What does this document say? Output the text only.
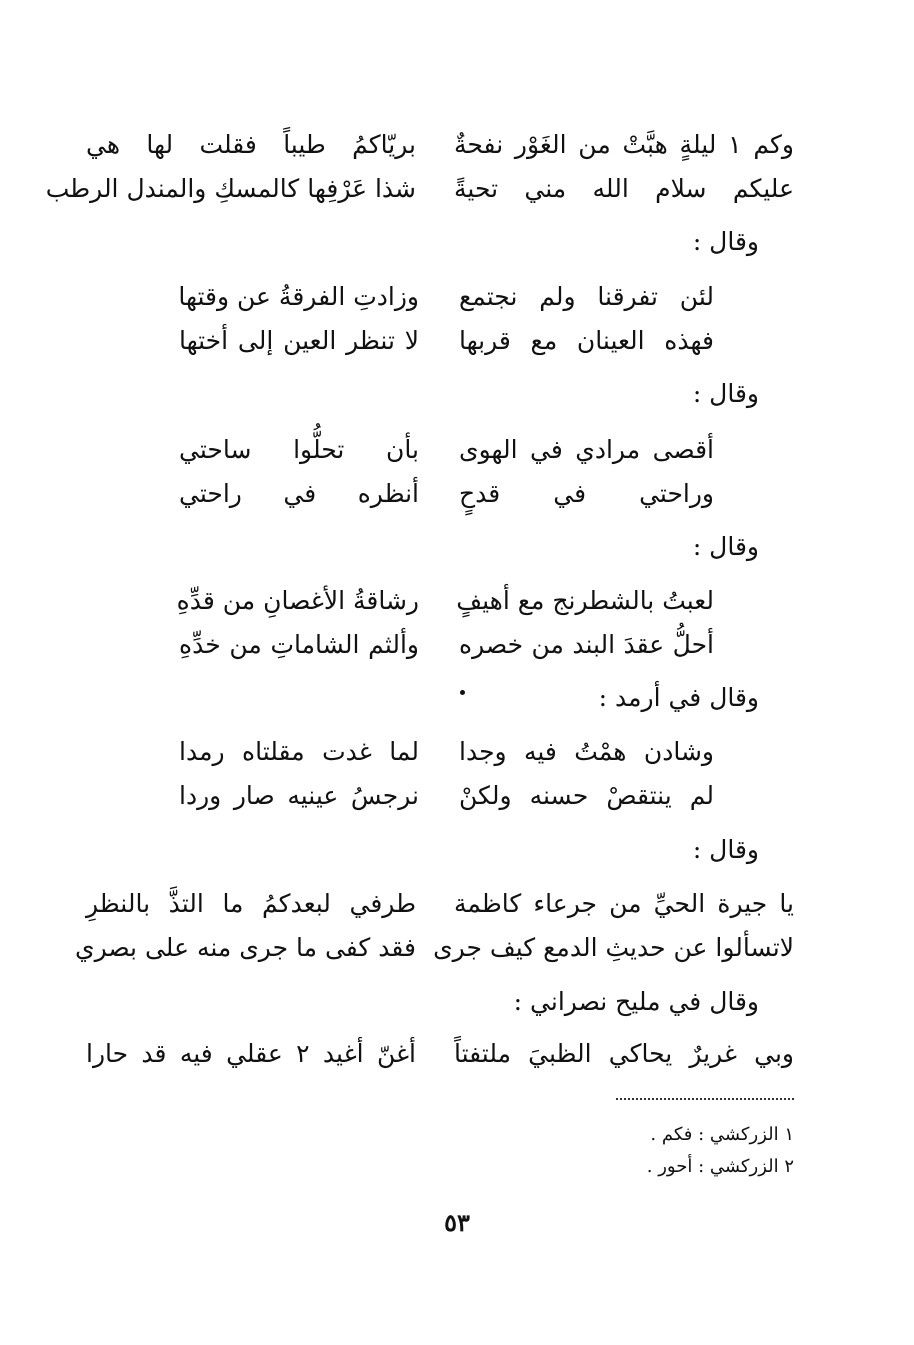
وكم ١ ليلةٍ هبَّتْ من الغَوْر نفحةٌ
بريّاكمُ طيباً فقلت لها هي
عليكم سلام الله مني تحيةً
شذا عَرْفِها كالمسكِ والمندل الرطب
وقال :
لئن تفرقنا ولم نجتمع
وزادتِ الفرقةُ عن وقتها
فهذه العينان مع قربها
لا تنظر العين إلى أختها
وقال :
أقصى مرادي في الهوى
بأن تحلُّوا ساحتي
وراحتي في قدحٍ
أنظره في راحتي
وقال :
لعبتُ بالشطرنج مع أهيفٍ
رشاقةُ الأغصانِ من قدِّهِ
أحلُّ عقدَ البند من خصره
وألثم الشاماتِ من خدِّهِ
وقال في أرمد :
وشادن همْتُ فيه وجدا
لما غدت مقلتاه رمدا
لم ينتقصْ حسنه ولكنْ
نرجسُ عينيه صار وردا
وقال :
يا جيرة الحيِّ من جرعاء كاظمة
طرفي لبعدكمُ ما التذَّ بالنظرِ
لاتسألوا عن حديثِ الدمع كيف جرى
فقد كفى ما جرى منه على بصري
وقال في مليح نصراني :
وبي غريرٌ يحاكي الظبيَ ملتفتاً
أغنّ أغيد ٢ عقلي فيه قد حارا
١ الزركشي : فكم .
٢ الزركشي : أحور .
٥٣
